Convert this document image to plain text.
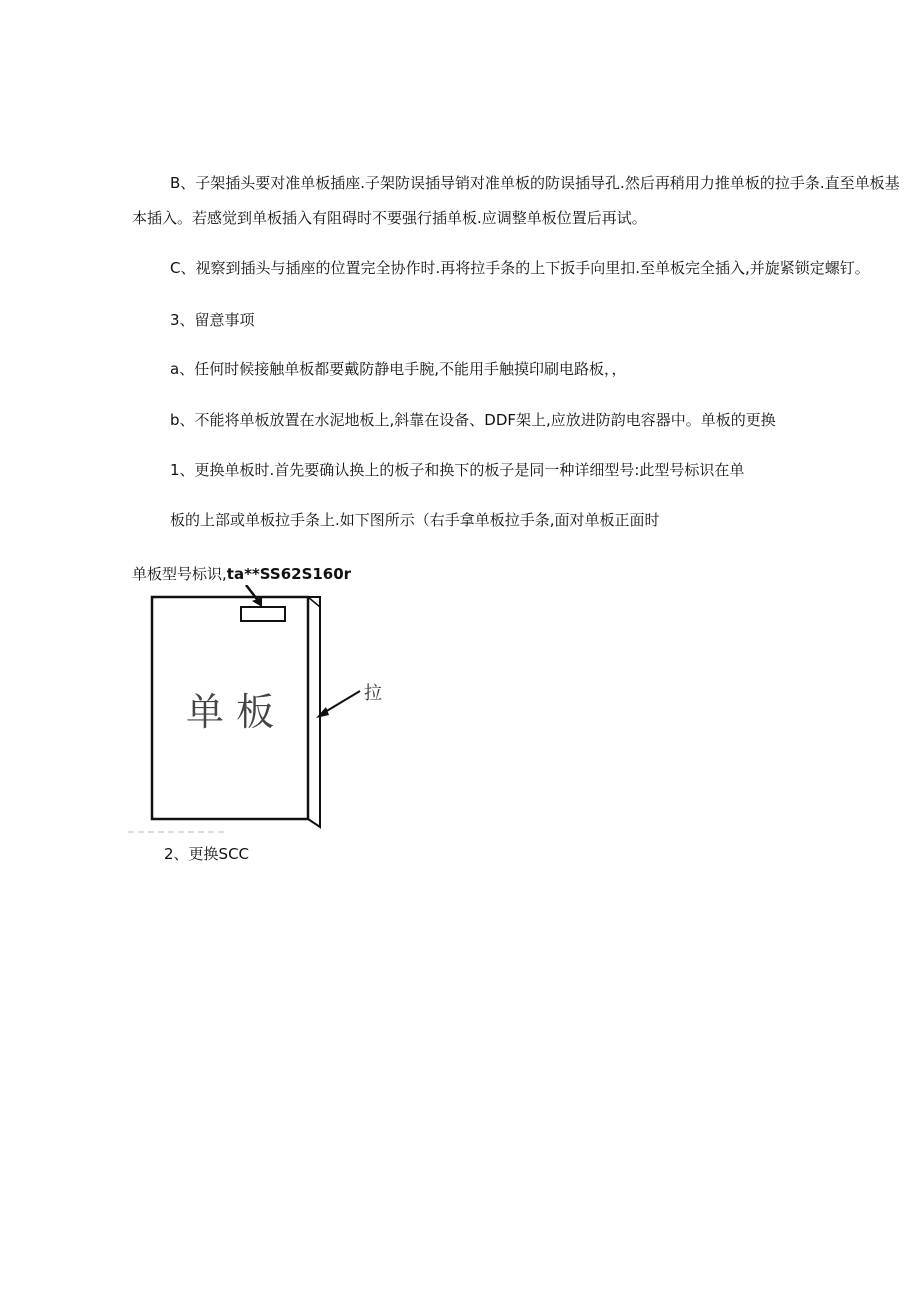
B、子架插头要对准单板插座.子架防误插导销对准单板的防误插导孔.然后再稍用力推单板的拉手条.直至单板基
本插入。若感觉到单板插入有阻碍时不要强行插单板.应调整单板位置后再试。
C、视察到插头与插座的位置完全协作时.再将拉手条的上下扳手向里扣.至单板完全插入,并旋紧锁定螺钉。
3、留意事项
a、任何时候接触单板都要戴防静电手腕,不能用手触摸印刷电路板，，
b、不能将单板放置在水泥地板上,斜靠在设备、DDF架上,应放进防韵电容器中。单板的更换
1、更换单板时.首先要确认换上的板子和换下的板子是同一种详细型号:此型号标识在单
板的上部或单板拉手条上.如下图所示（右手拿单板拉手条,面对单板正面时
单板型号标识,ta**SS62S160r
单 板	拉
2、更换SCC
